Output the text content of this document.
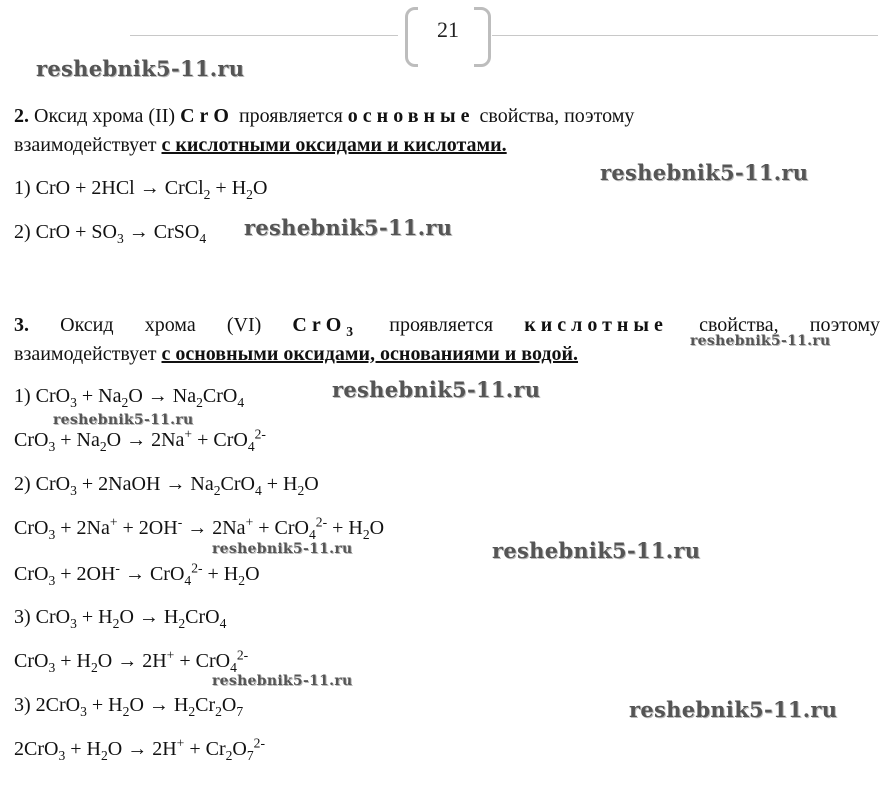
21
reshebnik5-11.ru
reshebnik5-11.ru
reshebnik5-11.ru
reshebnik5-11.ru
reshebnik5-11.ru
reshebnik5-11.ru
reshebnik5-11.ru	reshebnik5-11.ru
reshebnik5-11.ru
reshebnik5-11.ru
2. Оксид хрома (II) CrO проявляется основные свойства, поэтому
взаимодействует с кислотными оксидами и кислотами.
1) CrO + 2HCl → CrCl$_2$ + $H_2O$
2) CrO + $SO_3$ → CrSO$_4$
3. Оксид хрома (VI) CrO$_3$ проявляется кислотные свойства, поэтому
взаимодействует с основными оксидами, основаниями и водой.
1) $CrO_3 + Na_2O \to Na_2CrO_4$
$CrO_3 + Na_2O \to 2Na^+ + CrO_4^{2-}$
2) CrO$_3$ + 2NaOH → $Na_2CrO_4 + H_2O$
$CrO_3 + 2Na^+ + 2OH^- \to 2Na^+ + CrO_4^{2-} + H_2O$
$CrO_3 + 2OH^- \to CrO_4^{2-} + H_2O$
3) $CrO_3 + H_2O \to H_2CrO_4$
$CrO_3 + H_2O \to 2H^+ + CrO_4^{2-}$
3) $2CrO_3 + H_2O \to H_2Cr_2O_7$
$2CrO_3 + H_2O \to 2H^+ + Cr_2O_7^{2-}$
